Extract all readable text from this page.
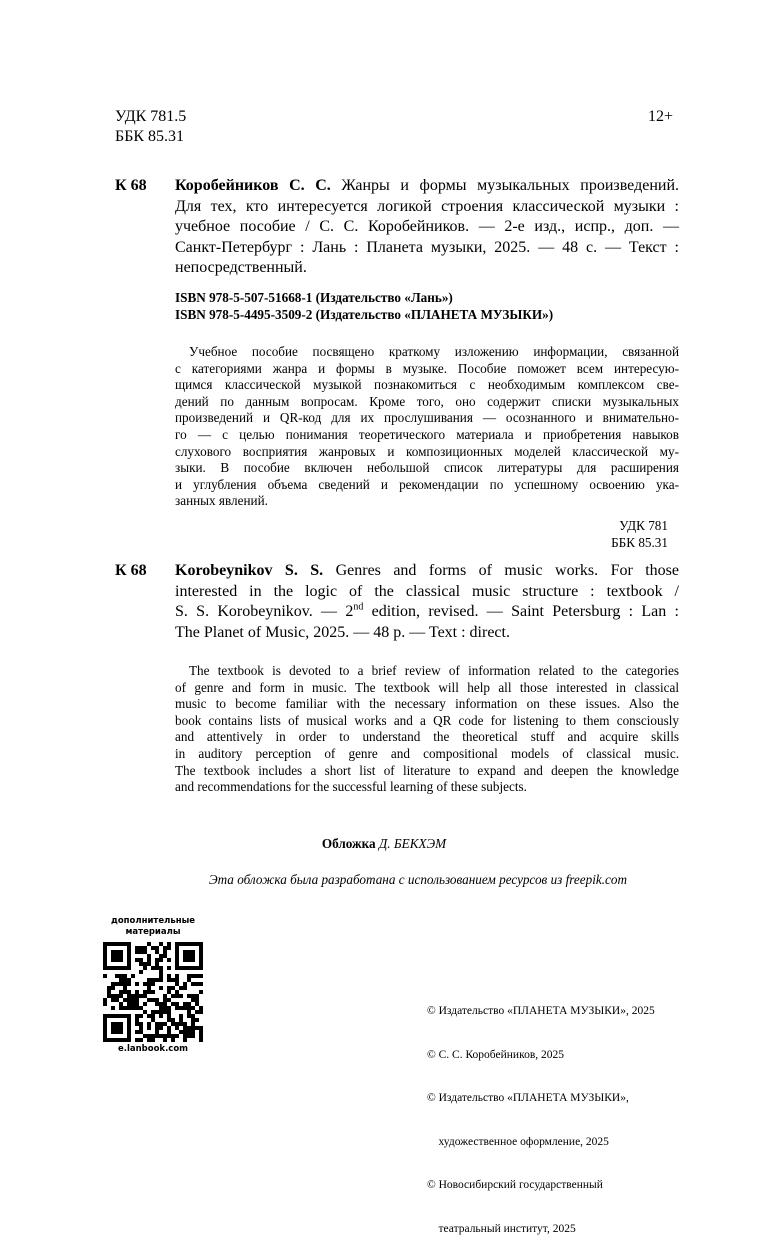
УДК 781.5
ББК 85.31
12+
К 68 Коробейников С. С. Жанры и формы музыкальных произведений.
Для тех, кто интересуется логикой строения классической музыки :
учебное пособие / С. С. Коробейников. — 2-е изд., испр., доп. —
Санкт-Петербург : Лань : Планета музыки, 2025. — 48 с. — Текст :
непосредственный.
ISBN 978-5-507-51668-1 (Издательство «Лань»)
ISBN 978-5-4495-3509-2 (Издательство «ПЛАНЕТА МУЗЫКИ»)
Учебное пособие посвящено краткому изложению информации, связанной
с категориями жанра и формы в музыке. Пособие поможет всем интересую-
щимся классической музыкой познакомиться с необходимым комплексом све-
дений по данным вопросам. Кроме того, оно содержит списки музыкальных
произведений и QR-код для их прослушивания — осознанного и внимательно-
го — с целью понимания теоретического материала и приобретения навыков
слухового восприятия жанровых и композиционных моделей классической му-
зыки. В пособие включен небольшой список литературы для расширения
и углубления объема сведений и рекомендации по успешному освоению ука-
занных явлений.
УДК 781
ББК 85.31
К 68 Korobeynikov S. S. Genres and forms of music works. For those
interested in the logic of the classical music structure : textbook /
S. S. Korobeynikov. — 2nd edition, revised. — Saint Petersburg : Lan :
The Planet of Music, 2025. — 48 p. — Text : direct.
The textbook is devoted to a brief review of information related to the categories
of genre and form in music. The textbook will help all those interested in classical
music to become familiar with the necessary information on these issues. Also the
book contains lists of musical works and a QR code for listening to them consciously
and attentively in order to understand the theoretical stuff and acquire skills
in auditory perception of genre and compositional models of classical music.
The textbook includes a short list of literature to expand and deepen the knowledge
and recommendations for the successful learning of these subjects.
Обложка Д. БЕКХЭМ
Эта обложка была разработана с использованием ресурсов из freepik.com
дополнительные
материалы
e.lanbook.com

© Издательство «ПЛАНЕТА МУЗЫКИ», 2025

© С. С. Коробейников, 2025

© Издательство «ПЛАНЕТА МУЗЫКИ»,

художественное оформление, 2025

© Новосибирский государственный

театральный институт, 2025
